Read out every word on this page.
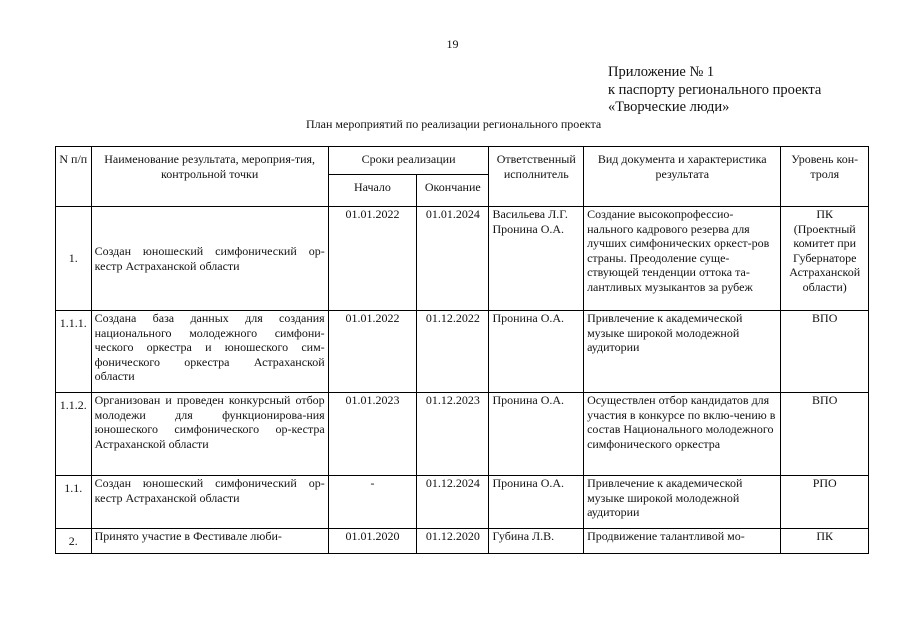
19
Приложение № 1
к паспорту регионального проекта
«Творческие люди»
План мероприятий по реализации регионального проекта
N п/п	Наименование результата, мероприя-тия, контрольной точки	Сроки реализации		Ответственный исполнитель	Вид документа и характеристика результата	Уровень кон-троля
		Начало	Окончание			
1.	Создан юношеский симфонический ор-кестр Астраханской области	01.01.2022	01.01.2024	Васильева Л.Г. Пронина О.А.	Создание высокопрофессио-нального кадрового резерва для лучших симфонических оркест-ров страны. Преодоление суще-ствующей тенденции оттока та-лантливых музыкантов за рубеж	ПК (Проектный комитет при Губернаторе Астраханской области)
1.1.1.	Создана база данных для создания национального молодежного симфони-ческого оркестра и юношеского сим-фонического оркестра Астраханской области	01.01.2022	01.12.2022	Пронина О.А.	Привлечение к академической музыке широкой молодежной аудитории	ВПО
1.1.2.	Организован и проведен конкурсный отбор молодежи для функционирова-ния юношеского симфонического ор-кестра Астраханской области	01.01.2023	01.12.2023	Пронина О.А.	Осуществлен отбор кандидатов для участия в конкурсе по вклю-чению в состав Национального молодежного симфонического оркестра	ВПО
1.1.	Создан юношеский симфонический ор-кестр Астраханской области	-	01.12.2024	Пронина О.А.	Привлечение к академической музыке широкой молодежной аудитории	РПО
2.	Принято участие в Фестивале люби-	01.01.2020	01.12.2020	Губина Л.В.	Продвижение талантливой мо-	ПК
